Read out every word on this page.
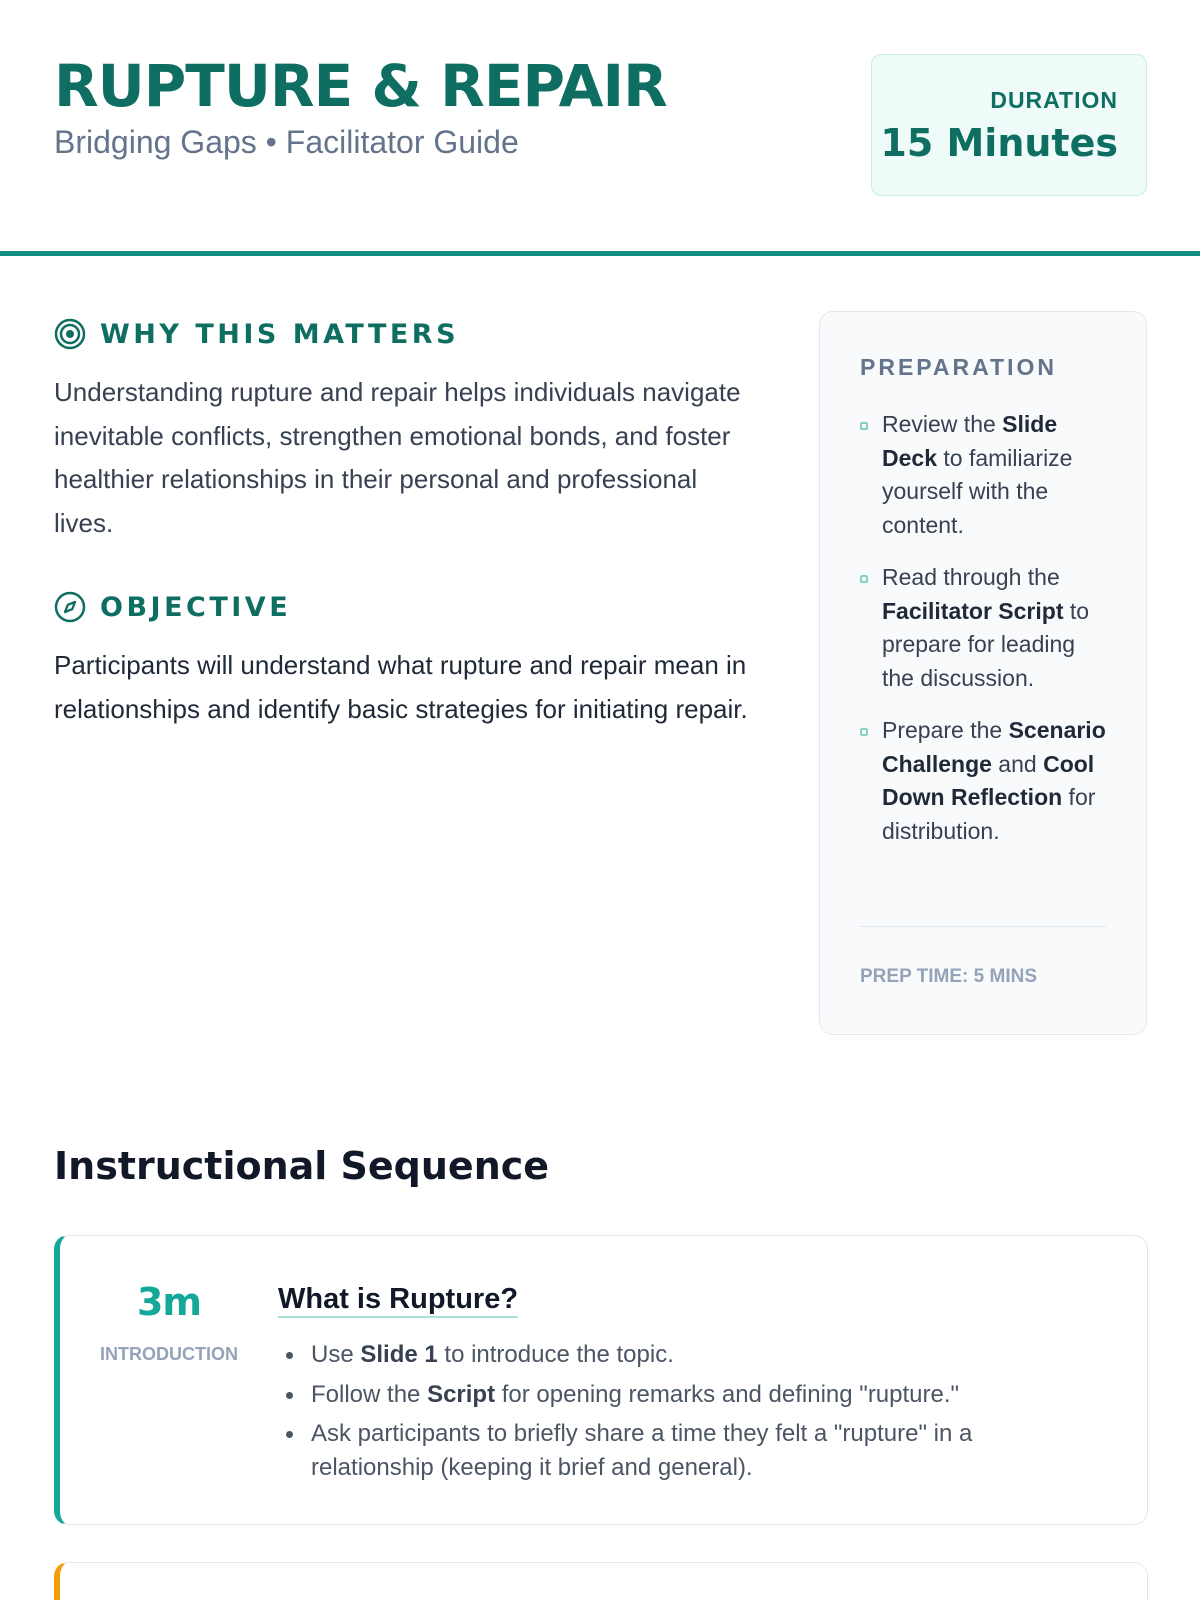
RUPTURE & REPAIR
Bridging Gaps • Facilitator Guide
DURATION
15 Minutes
WHY THIS MATTERS

Understanding rupture and repair helps individuals navigate inevitable conflicts, strengthen emotional bonds, and foster healthier relationships in their personal and professional lives.

OBJECTIVE

Participants will understand what rupture and repair mean in relationships and identify basic strategies for initiating repair.

PREPARATION
Review the Slide Deck to familiarize yourself with the content.
Read through the Facilitator Script to prepare for leading the discussion.
Prepare the Scenario Challenge and Cool Down Reflection for distribution.
PREP TIME: 5 MINS
Instructional Sequence
3m
INTRODUCTION
What is Rupture?
Use Slide 1 to introduce the topic.
Follow the Script for opening remarks and defining "rupture."
Ask participants to briefly share a time they felt a "rupture" in a relationship (keeping it brief and general).
